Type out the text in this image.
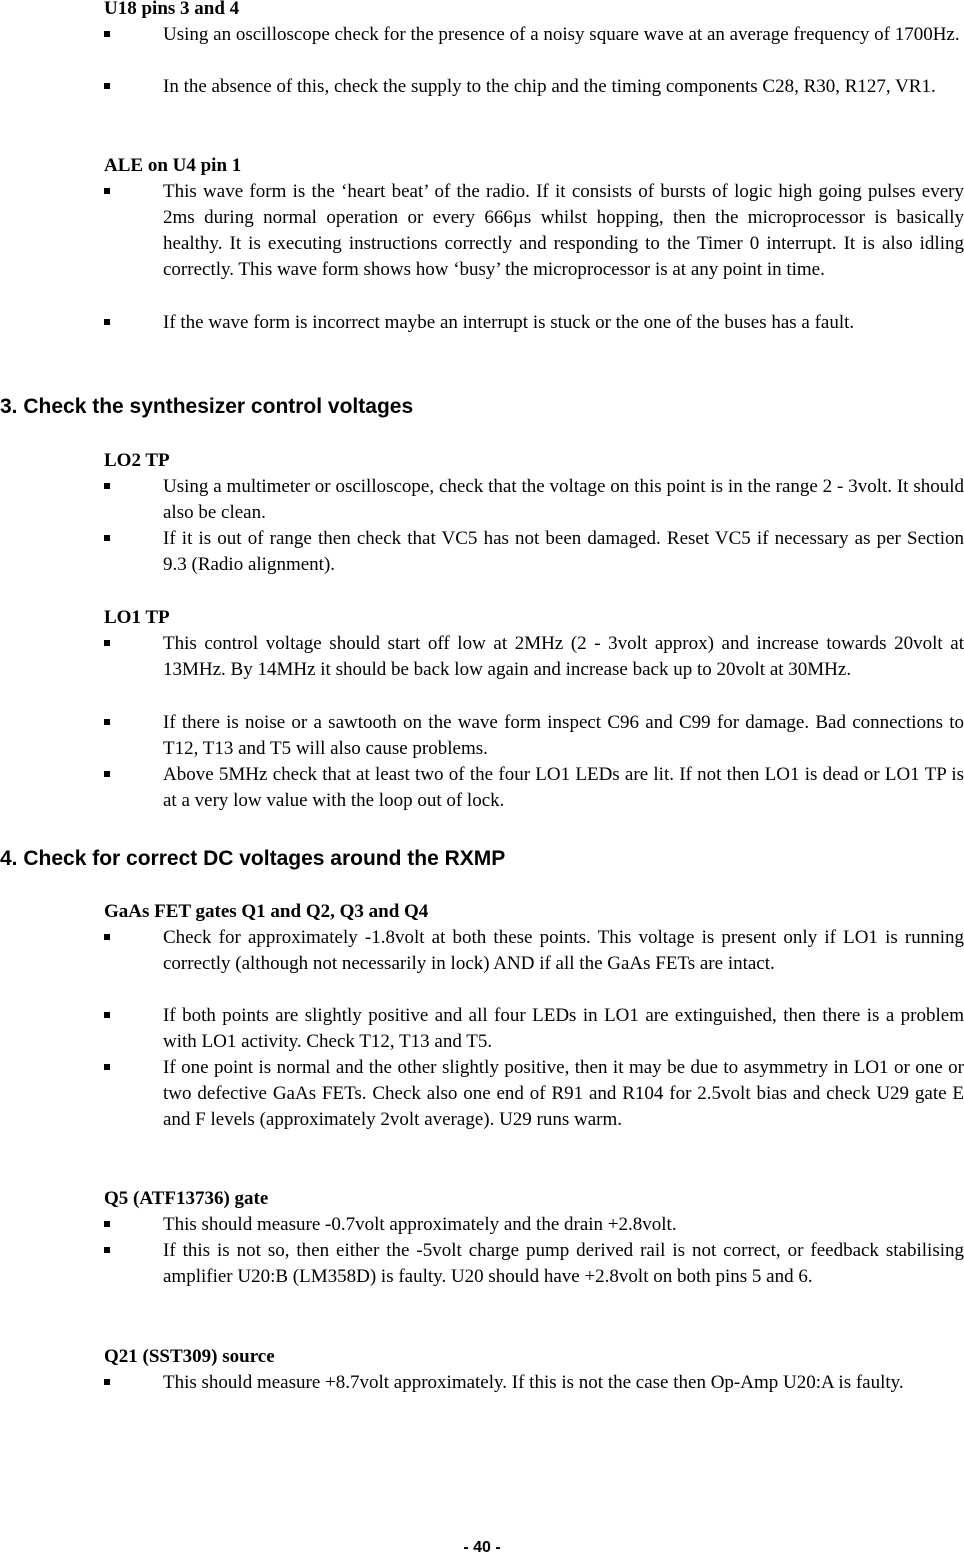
U18 pins 3 and 4

Using an oscilloscope check for the presence of a noisy square wave at an average frequency of 1700Hz.

In the absence of this, check the supply to the chip and the timing components C28, R30, R127, VR1.

ALE on U4 pin 1

This wave form is the ‘heart beat’ of the radio. If it consists of bursts of logic high going pulses every 2ms during normal operation or every 666µs whilst hopping, then the microprocessor is basically healthy. It is executing instructions correctly and responding to the Timer 0 interrupt. It is also idling correctly. This wave form shows how ‘busy’ the microprocessor is at any point in time.

If the wave form is incorrect maybe an interrupt is stuck or the one of the buses has a fault.

3. Check the synthesizer control voltages

LO2 TP

Using a multimeter or oscilloscope, check that the voltage on this point is in the range 2 - 3volt. It should also be clean.

If it is out of range then check that VC5 has not been damaged. Reset VC5 if necessary as per Section 9.3 (Radio alignment).

LO1 TP

This control voltage should start off low at 2MHz (2 - 3volt approx) and increase towards 20volt at 13MHz. By 14MHz it should be back low again and increase back up to 20volt at 30MHz.

If there is noise or a sawtooth on the wave form inspect C96 and C99 for damage. Bad connections to T12, T13 and T5 will also cause problems.

Above 5MHz check that at least two of the four LO1 LEDs are lit. If not then LO1 is dead or LO1 TP is at a very low value with the loop out of lock.

4. Check for correct DC voltages around the RXMP

GaAs FET gates Q1 and Q2, Q3 and Q4

Check for approximately -1.8volt at both these points. This voltage is present only if LO1 is running correctly (although not necessarily in lock) AND if all the GaAs FETs are intact.

If both points are slightly positive and all four LEDs in LO1 are extinguished, then there is a problem with LO1 activity. Check T12, T13 and T5.

If one point is normal and the other slightly positive, then it may be due to asymmetry in LO1 or one or two defective GaAs FETs. Check also one end of R91 and R104 for 2.5volt bias and check U29 gate E and F levels (approximately 2volt average). U29 runs warm.

Q5 (ATF13736) gate

This should measure -0.7volt approximately and the drain +2.8volt.

If this is not so, then either the -5volt charge pump derived rail is not correct, or feedback stabilising amplifier U20:B (LM358D) is faulty. U20 should have +2.8volt on both pins 5 and 6.

Q21 (SST309) source

This should measure +8.7volt approximately. If this is not the case then Op-Amp U20:A is faulty.

- 40 -
